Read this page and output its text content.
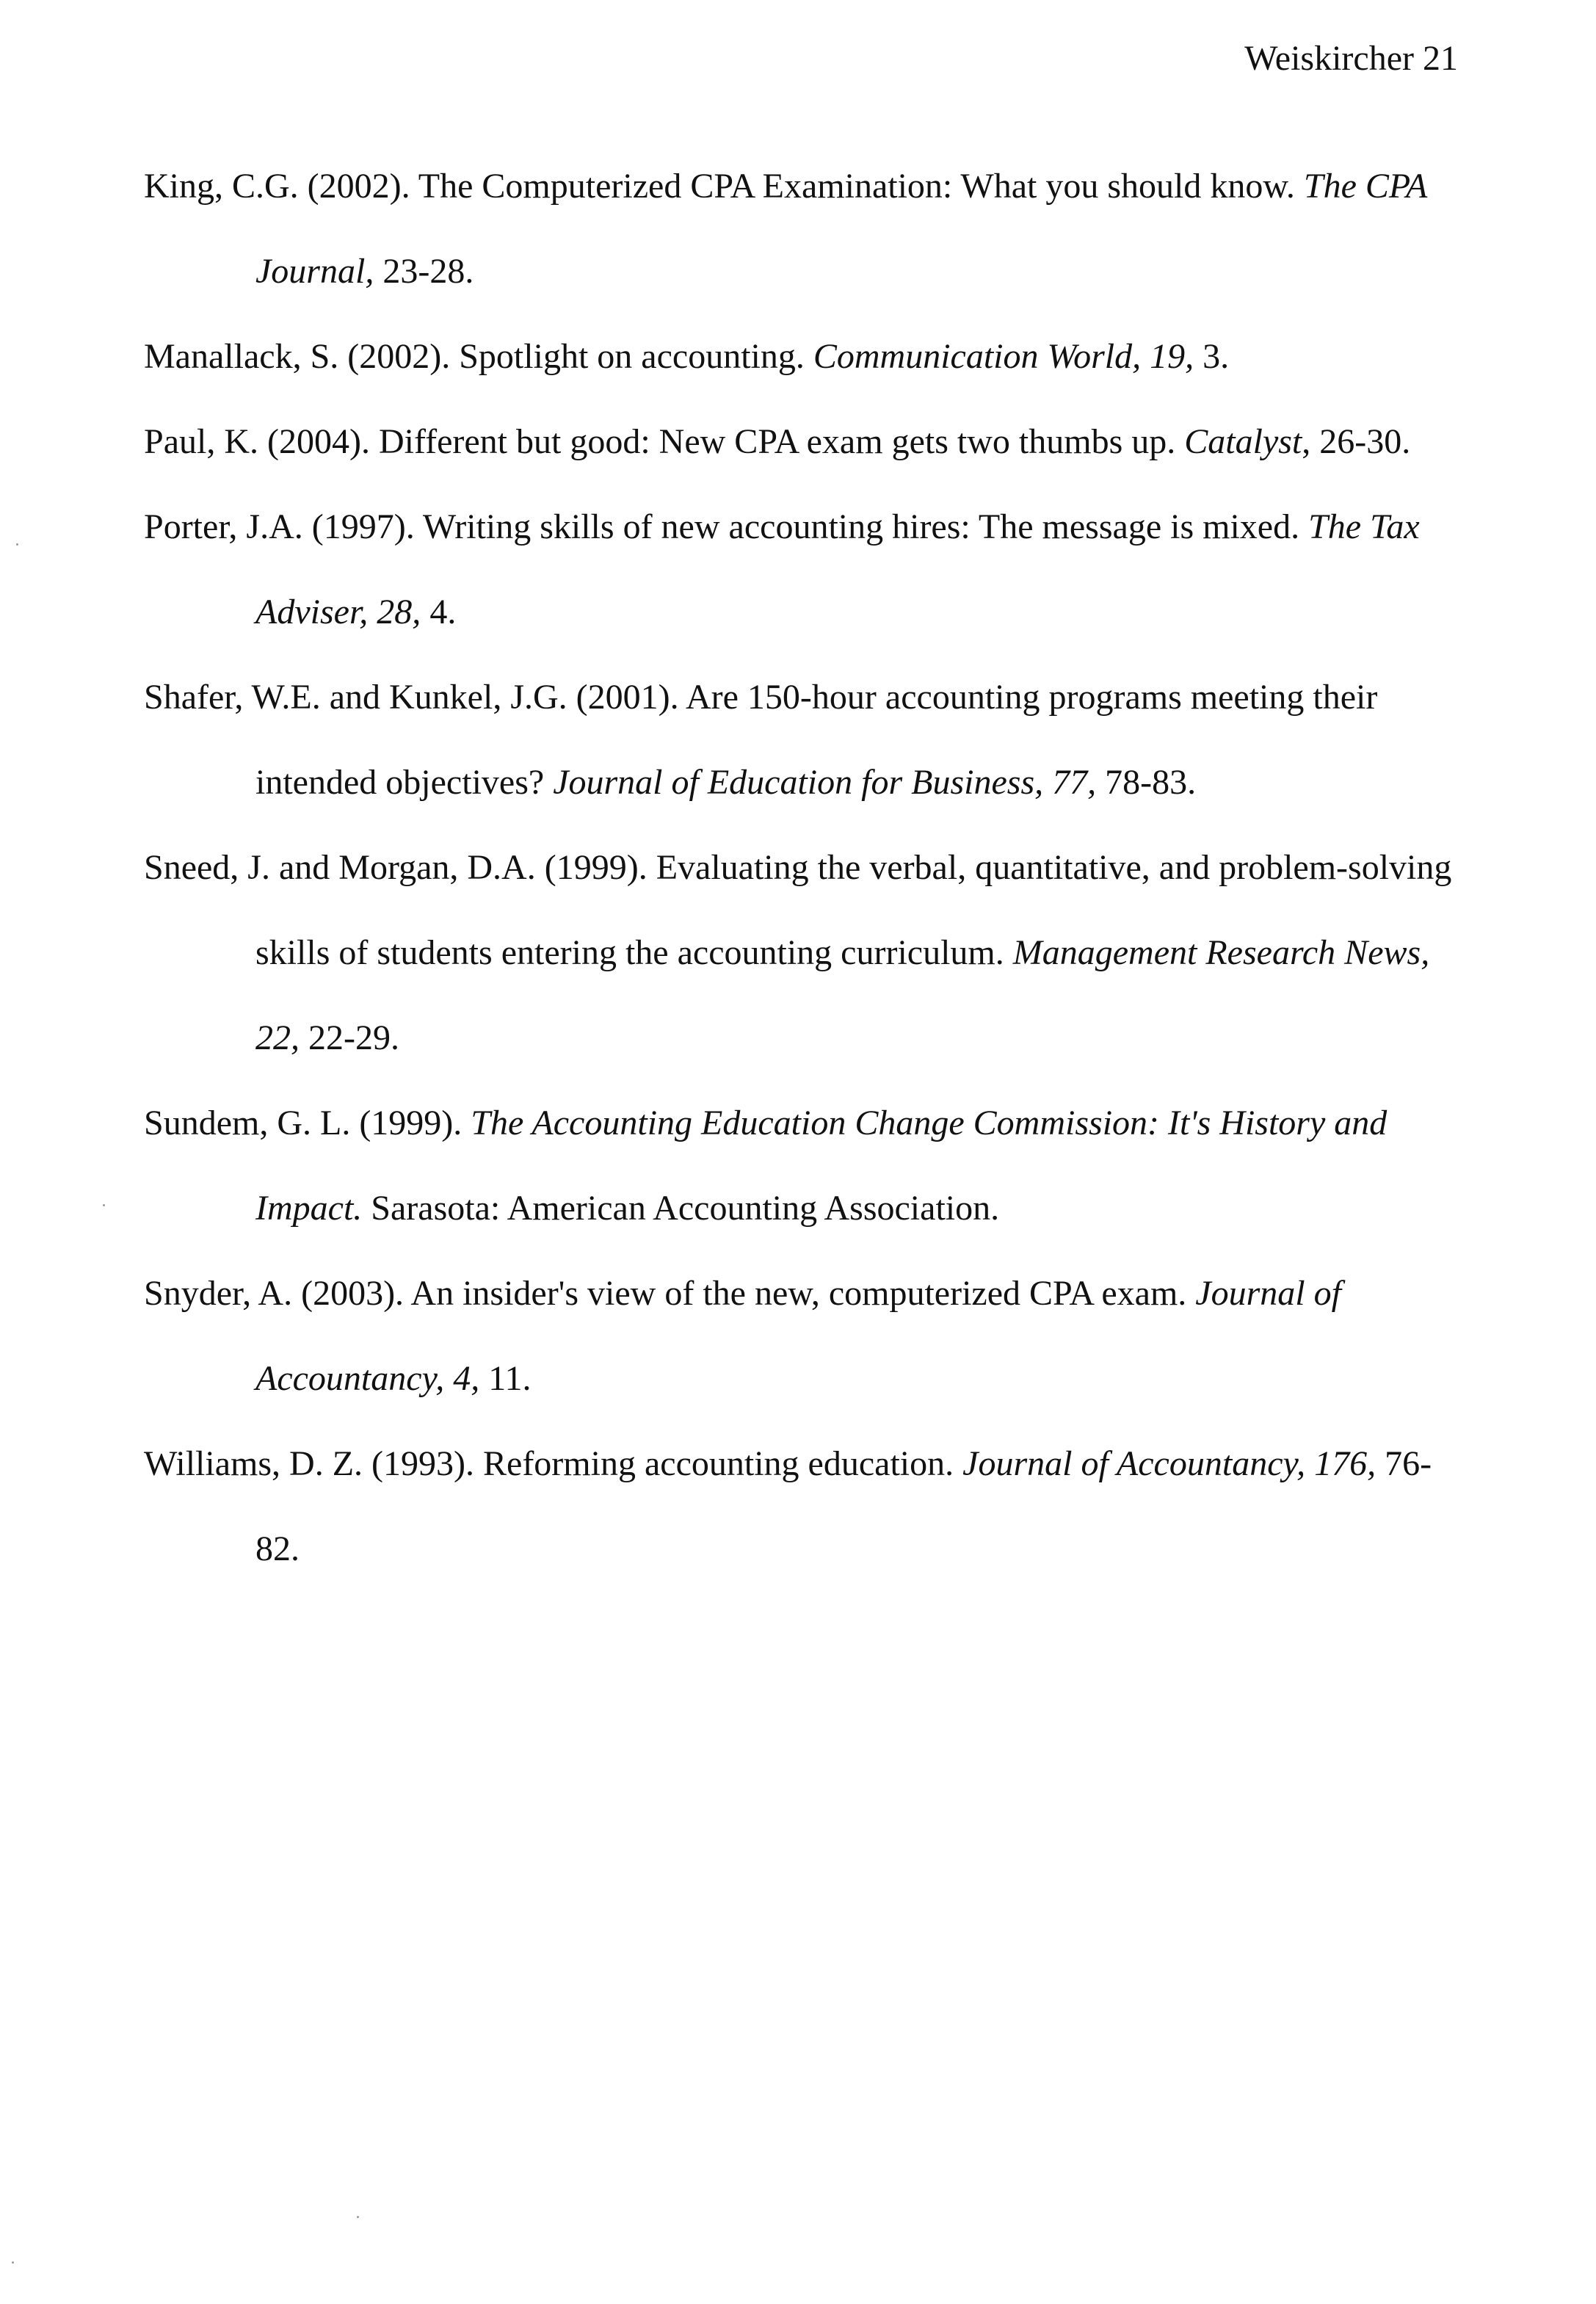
Weiskircher 21

King, C.G. (2002). The Computerized CPA Examination: What you should know. The CPA Journal, 23-28.

Manallack, S. (2002). Spotlight on accounting. Communication World, 19, 3.

Paul, K. (2004). Different but good: New CPA exam gets two thumbs up. Catalyst, 26-30.

Porter, J.A. (1997). Writing skills of new accounting hires: The message is mixed. The Tax Adviser, 28, 4.

Shafer, W.E. and Kunkel, J.G. (2001). Are 150-hour accounting programs meeting their intended objectives? Journal of Education for Business, 77, 78-83.

Sneed, J. and Morgan, D.A. (1999). Evaluating the verbal, quantitative, and problem-solving skills of students entering the accounting curriculum. Management Research News, 22, 22-29.

Sundem, G. L. (1999). The Accounting Education Change Commission: It's History and Impact. Sarasota: American Accounting Association.

Snyder, A. (2003). An insider's view of the new, computerized CPA exam. Journal of Accountancy, 4, 11.

Williams, D. Z. (1993). Reforming accounting education. Journal of Accountancy, 176, 76-82.
